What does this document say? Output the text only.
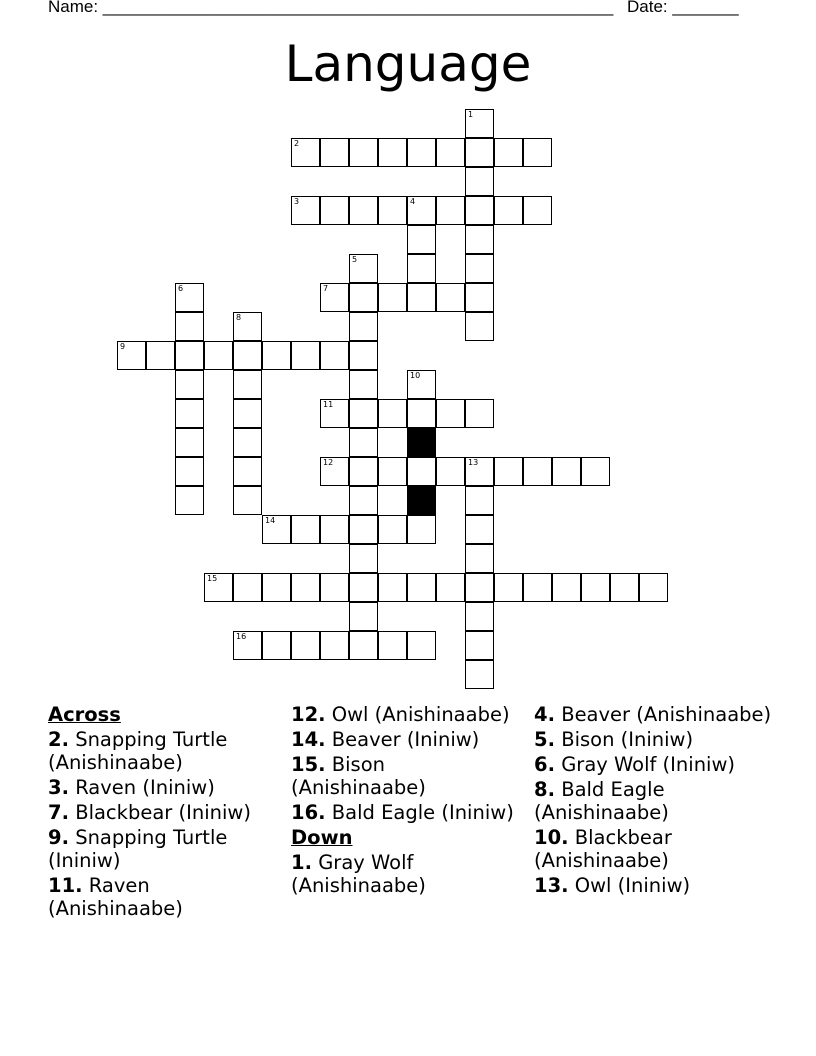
Name: ______________________________________________________ Date: _______
Language
1
2
3	4
5
6	7
8
9
10
11
12	13
14
15
16
Across
2. Snapping Turtle (Anishinaabe)
3. Raven (Ininiw)
7. Blackbear (Ininiw)
9. Snapping Turtle (Ininiw)
11. Raven (Anishinaabe)
12. Owl (Anishinaabe)
14. Beaver (Ininiw)
15. Bison (Anishinaabe)
16. Bald Eagle (Ininiw)
Down
1. Gray Wolf (Anishinaabe)
4. Beaver (Anishinaabe)
5. Bison (Ininiw)
6. Gray Wolf (Ininiw)
8. Bald Eagle (Anishinaabe)
10. Blackbear (Anishinaabe)
13. Owl (Ininiw)
